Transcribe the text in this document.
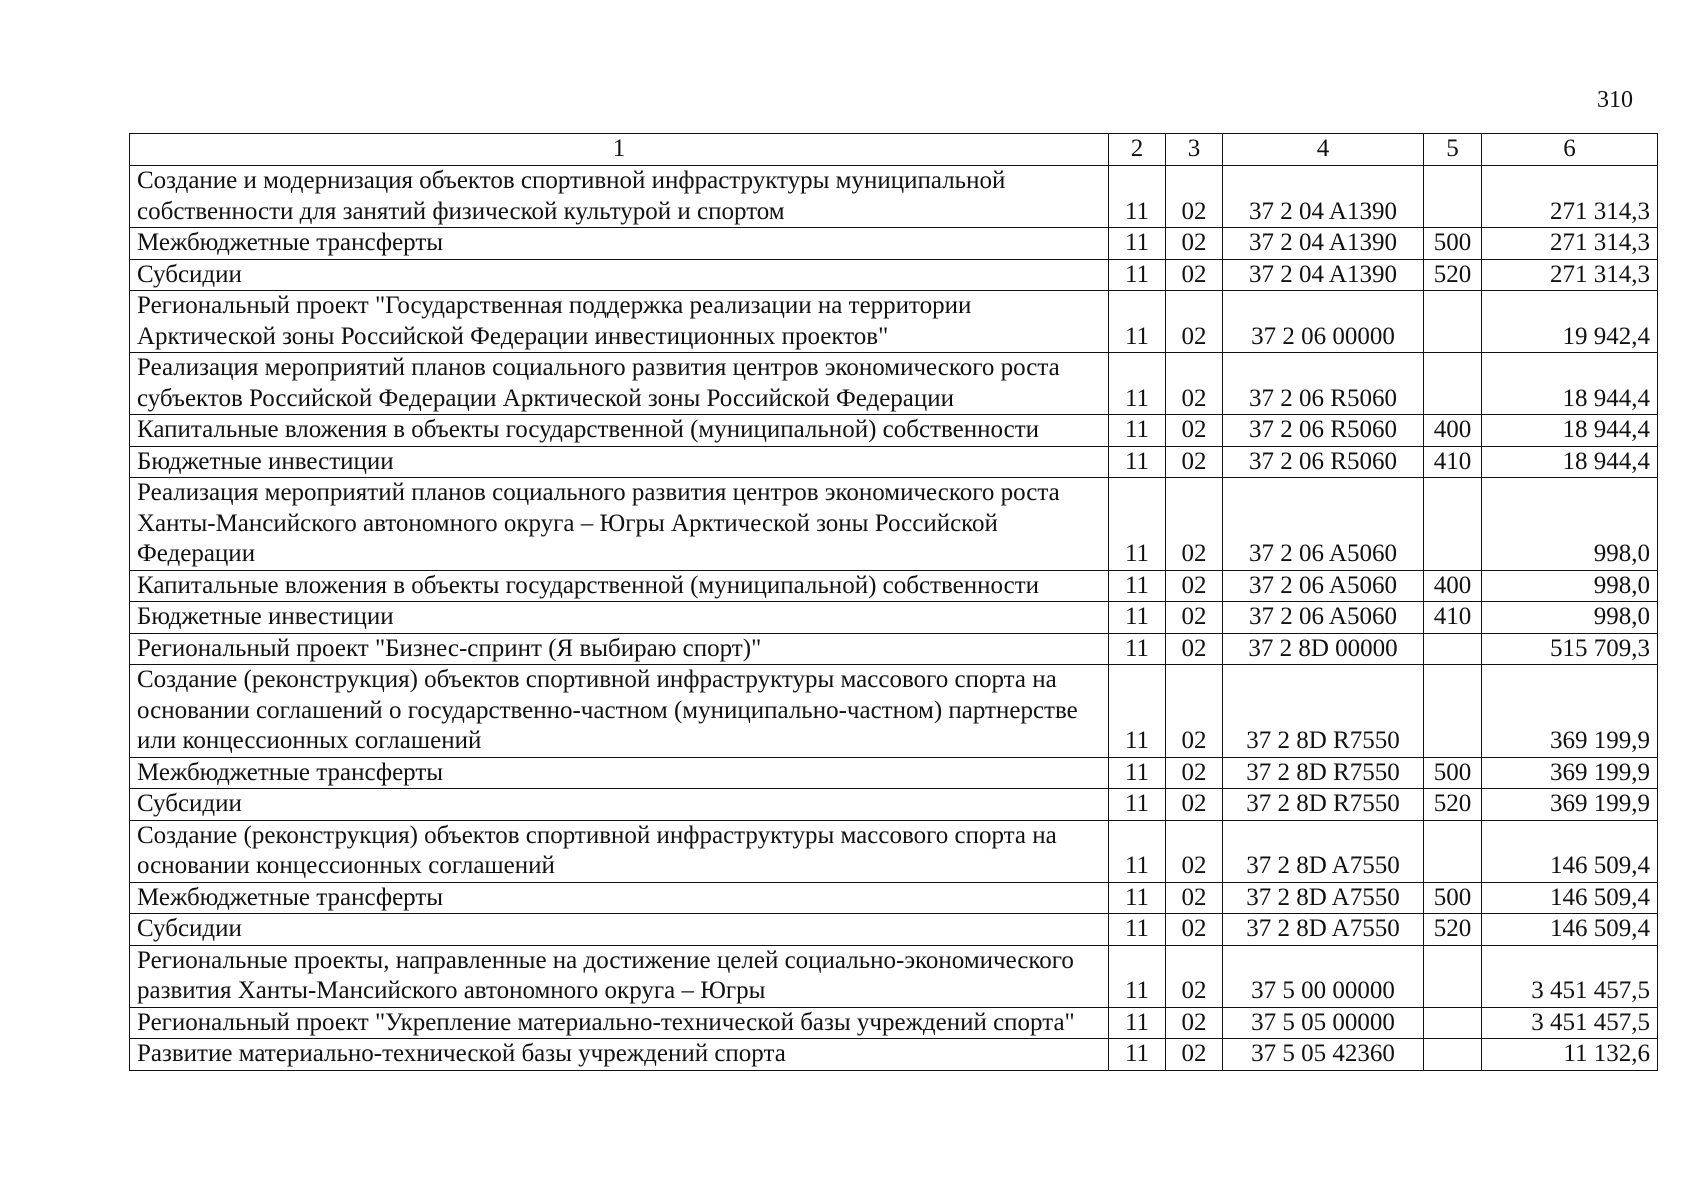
310
1	2	3	4	5	6
Создание и модернизация объектов спортивной инфраструктуры муниципальной собственности для занятий физической культурой и спортом	11	02	37 2 04 A1390		271 314,3
Межбюджетные трансферты	11	02	37 2 04 A1390	500	271 314,3
Субсидии	11	02	37 2 04 A1390	520	271 314,3
Региональный проект "Государственная поддержка реализации на территории Арктической зоны Российской Федерации инвестиционных проектов"	11	02	37 2 06 00000		19 942,4
Реализация мероприятий планов социального развития центров экономического роста субъектов Российской Федерации Арктической зоны Российской Федерации	11	02	37 2 06 R5060		18 944,4
Капитальные вложения в объекты государственной (муниципальной) собственности	11	02	37 2 06 R5060	400	18 944,4
Бюджетные инвестиции	11	02	37 2 06 R5060	410	18 944,4
Реализация мероприятий планов социального развития центров экономического роста Ханты-Мансийского автономного округа – Югры Арктической зоны Российской Федерации	11	02	37 2 06 A5060		998,0
Капитальные вложения в объекты государственной (муниципальной) собственности	11	02	37 2 06 A5060	400	998,0
Бюджетные инвестиции	11	02	37 2 06 A5060	410	998,0
Региональный проект "Бизнес-спринт (Я выбираю спорт)"	11	02	37 2 8D 00000		515 709,3
Создание (реконструкция) объектов спортивной инфраструктуры массового спорта на основании соглашений о государственно-частном (муниципально-частном) партнерстве или концессионных соглашений	11	02	37 2 8D R7550		369 199,9
Межбюджетные трансферты	11	02	37 2 8D R7550	500	369 199,9
Субсидии	11	02	37 2 8D R7550	520	369 199,9
Создание (реконструкция) объектов спортивной инфраструктуры массового спорта на основании концессионных соглашений	11	02	37 2 8D A7550		146 509,4
Межбюджетные трансферты	11	02	37 2 8D A7550	500	146 509,4
Субсидии	11	02	37 2 8D A7550	520	146 509,4
Региональные проекты, направленные на достижение целей социально-экономического развития Ханты-Мансийского автономного округа – Югры	11	02	37 5 00 00000		3 451 457,5
Региональный проект "Укрепление материально-технической базы учреждений спорта"	11	02	37 5 05 00000		3 451 457,5
Развитие материально-технической базы учреждений спорта	11	02	37 5 05 42360		11 132,6
